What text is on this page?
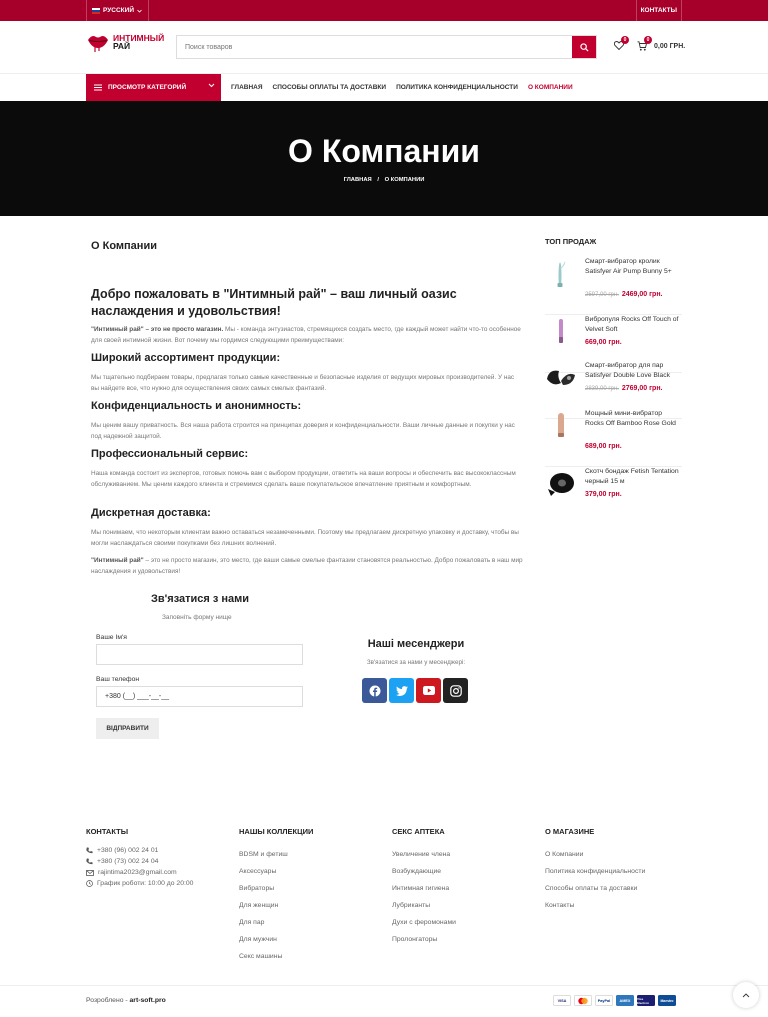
РУССКИЙ	КОНТАКТЫ
ИНТИМНЫЙ
РАЙ
Поиск товаров
0	0
0,00 ГРН.
ПРОСМОТР КАТЕГОРИЙ	ГЛАВНАЯ СПОСОБЫ ОПЛАТЫ ТА ДОСТАВКИ ПОЛИТИКА КОНФИДЕНЦИАЛЬНОСТИ О КОМПАНИИ
О Компании
ГЛАВНАЯ / О КОМПАНИИ
О Компании
Добро пожаловать в "Интимный рай" – ваш личный оазис наслаждения и удовольствия!

"Интимный рай" – это не просто магазин. Мы - команда энтузиастов, стремящихся создать место, где каждый может найти что-то особенное для своей интимной жизни. Вот почему мы гордимся следующими преимуществами:

Широкий ассортимент продукции:

Мы тщательно подбираем товары, предлагая только самые качественные и безопасные изделия от ведущих мировых производителей. У нас вы найдете все, что нужно для осуществления своих самых смелых фантазий.

Конфиденциальность и анонимность:

Мы ценим вашу приватность. Вся наша работа строится на принципах доверия и конфиденциальности. Ваши личные данные и покупки у нас под надежной защитой.

Профессиональный сервис:

Наша команда состоит из экспертов, готовых помочь вам с выбором продукции, ответить на ваши вопросы и обеспечить вас высококлассным обслуживанием. Мы ценим каждого клиента и стремимся сделать ваше покупательское впечатление приятным и комфортным.

Дискретная доставка:

Мы понимаем, что некоторым клиентам важно оставаться незамеченными. Поэтому мы предлагаем дискретную упаковку и доставку, чтобы вы могли наслаждаться своими покупками без лишних волнений.

"Интимный рай" – это не просто магазин, это место, где ваши самые смелые фантазии становятся реальностью. Добро пожаловать в наш мир наслаждения и удовольствия!

Зв'язатися з нами
Заповніть форму нище
Ваше Ім'я
Ваш телефон
+380 (__) ___-__-__
ВІДПРАВИТИ
Наші месенджери
Зв'язатися за нами у месенджері:
ТОП ПРОДАЖ
Смарт-вибратор кролик Satisfyer Air Pump Bunny 5+
2597,00 грн. 2469,00 грн.
Вибропуля Rocks Off Touch of Velvet Soft
669,00 грн.
Смарт-вибратор для пар Satisfyer Double Love Black
2839,00 грн. 2769,00 грн.
Мощный мини-вибратор Rocks Off Bamboo Rose Gold
689,00 грн.
Скотч бондаж Fetish Tentation черный 15 м
379,00 грн.
КОНТАКТЫ
+380 (96) 002 24 01
+380 (73) 002 24 04
rajintima2023@gmail.com
График роботи: 10:00 до 20:00
НАШЫ КОЛЛЕКЦИИ
BDSM и фетиш
Аксессуары
Вибраторы
Для женщин
Для пар
Для мужчин
Секс машины
СЕКС АПТЕКА
Увеличение члена
Возбуждающие
Интимная гигиена
Лубриканты
Духи с феромонами
Пролонгаторы
О МАГАЗИНЕ
О Компании
Политика конфиденциальности
Способы оплаты та доставки
Контакты
Розроблено - art-soft.pro	VISA	PayPal	AMEX	Visa Electron	Maestro
